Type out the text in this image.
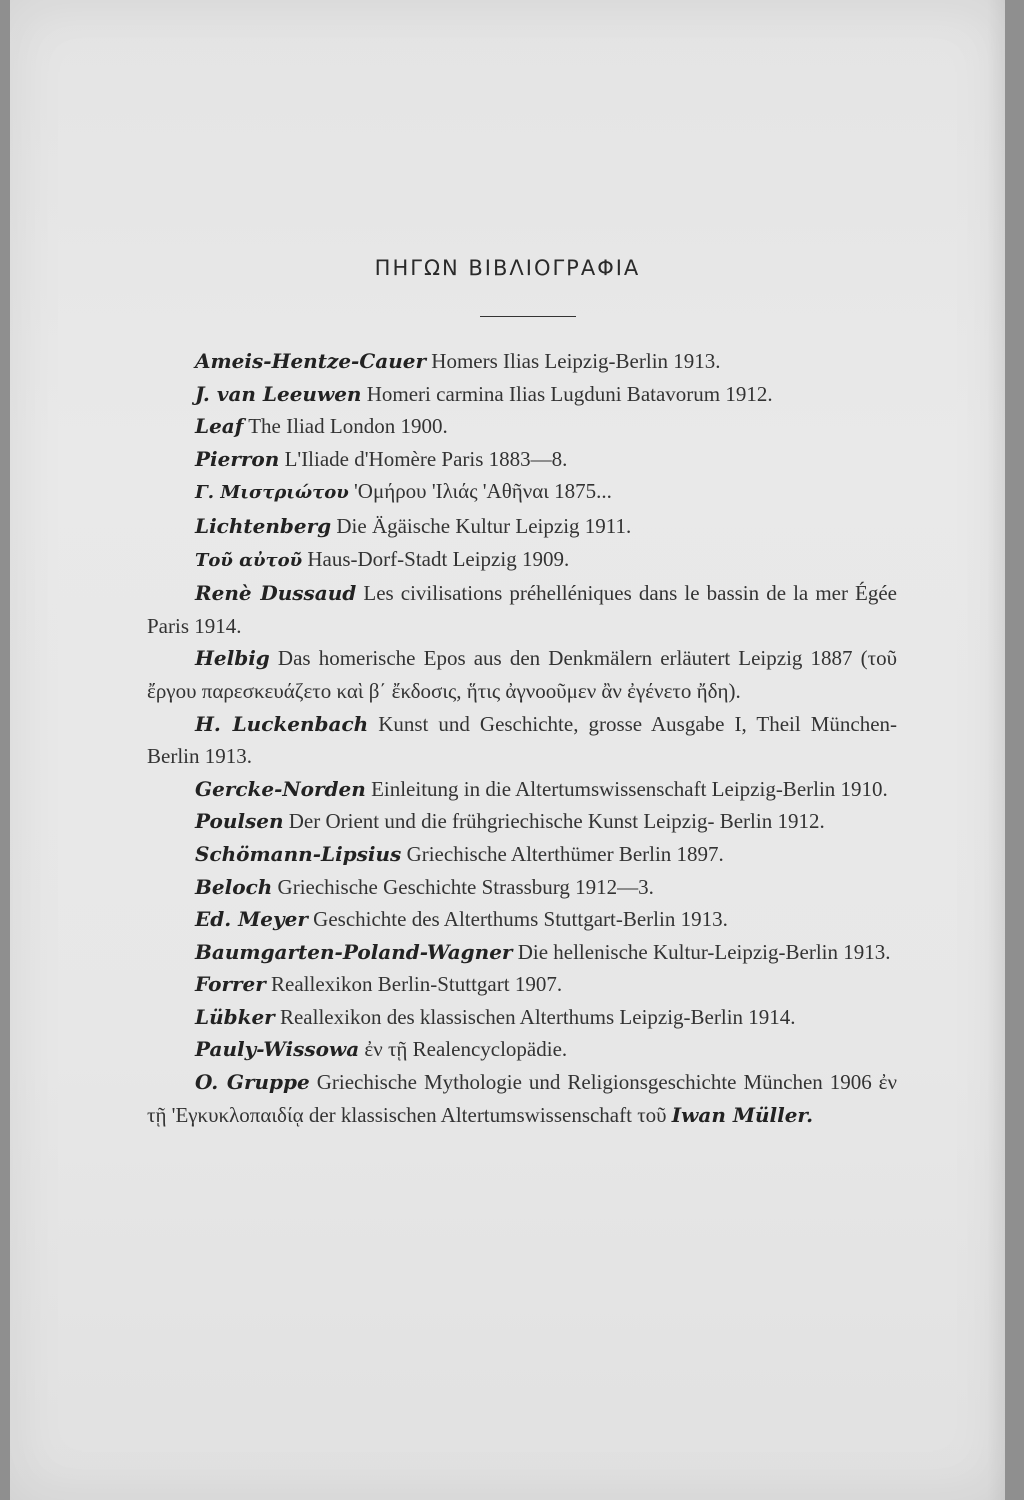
ΠΗΓΩΝ ΒΙΒΛΙΟΓΡΑΦΙΑ

Ameis-Hentze-Cauer Homers Ilias Leipzig-Berlin 1913.

J. van Leeuwen Homeri carmina Ilias Lugduni Batavorum 1912.

Leaf The Iliad London 1900.

Pierron L'Iliade d'Homère Paris 1883—8.

Γ. Μιστριώτου 'Ομήρου 'Ιλιάς 'Αθῆναι 1875...

Lichtenberg Die Ägäische Kultur Leipzig 1911.

Τοῦ αὐτοῦ Haus-Dorf-Stadt Leipzig 1909.

Renè Dussaud Les civilisations préhelléniques dans le bassin de la mer Égée Paris 1914.

Helbig Das homerische Epos aus den Denkmälern erläutert Leipzig 1887 (τοῦ ἔργου παρεσκευάζετο καὶ β΄ ἔκδοσις, ἥτις ἀγνοοῦμεν ἂν ἐγένετο ἤδη).

H. Luckenbach Kunst und Geschichte, grosse Ausgabe I, Theil München-Berlin 1913.

Gercke-Norden Einleitung in die Altertumswissenschaft Leipzig-Berlin 1910.

Poulsen Der Orient und die frühgriechische Kunst Leipzig- Berlin 1912.

Schömann-Lipsius Griechische Alterthümer Berlin 1897.

Beloch Griechische Geschichte Strassburg 1912—3.

Ed. Meyer Geschichte des Alterthums Stuttgart-Berlin 1913.

Baumgarten-Poland-Wagner Die hellenische Kultur-Leipzig-Berlin 1913.

Forrer Reallexikon Berlin-Stuttgart 1907.

Lübker Reallexikon des klassischen Alterthums Leipzig-Berlin 1914.

Pauly-Wissowa ἐν τῇ Realencyclopädie.

O. Gruppe Griechische Mythologie und Religionsgeschichte München 1906 ἐν τῇ 'Εγκυκλοπαιδίᾳ der klassischen Altertumswissenschaft τοῦ Iwan Müller.
